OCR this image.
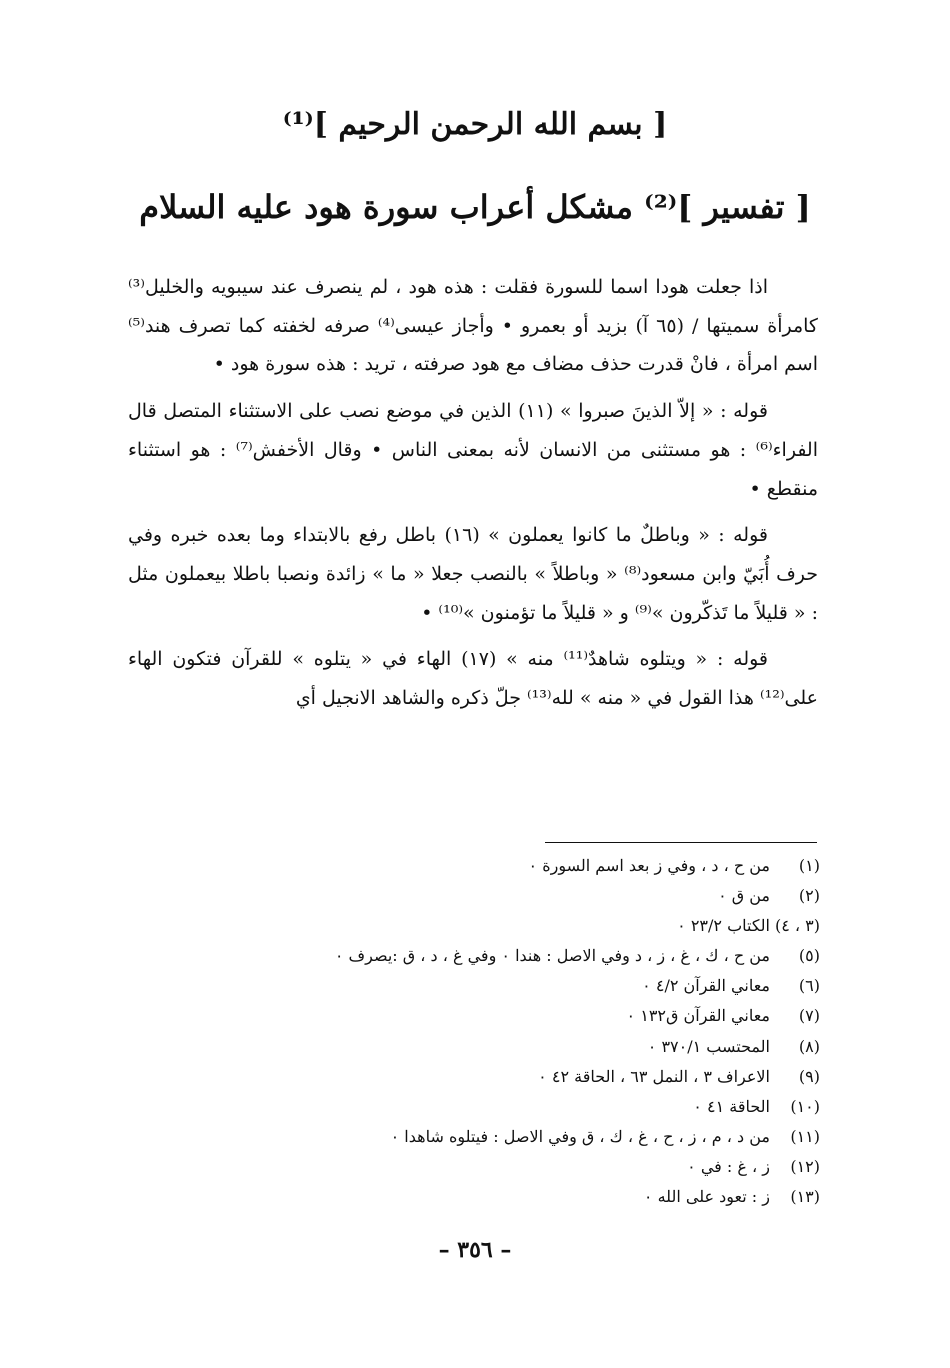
[ بسم الله الرحمن الرحيم ]⁽¹⁾
[ تفسير ]⁽²⁾ مشكل أعراب سورة هود عليه السلام

اذا جعلت هودا اسما للسورة فقلت : هذه هود ، لم ينصرف عند سيبويه والخليل⁽³⁾ كامرأة سميتها / (٦٥ آ) بزيد أو بعمرو • وأجاز عيسى⁽⁴⁾ صرفه لخفته كما تصرف هند⁽⁵⁾ اسم امرأة ، فانْ قدرت حذف مضاف مع هود صرفته ، تريد : هذه سورة هود •

قوله : « إلاّ الذينَ صبروا » (١١) الذين في موضع نصب على الاستثناء المتصل قال الفراء⁽⁶⁾ : هو مستثنى من الانسان لأنه بمعنى الناس • وقال الأخفش⁽⁷⁾ : هو استثناء منقطع •

قوله : « وباطلٌ ما كانوا يعملون » (١٦) باطل رفع بالابتداء وما بعده خبره وفي حرف أُبَيّ وابن مسعود⁽⁸⁾ « وباطلاً » بالنصب جعلا « ما » زائدة ونصبا باطلا بيعملون مثل : « قليلاً ما تَذكّرون »⁽⁹⁾ و « قليلاً ما تؤمنون »⁽¹⁰⁾ •

قوله : « ويتلوه شاهدٌ⁽¹¹⁾ منه » (١٧) الهاء في « يتلوه » للقرآن فتكون الهاء على⁽¹²⁾ هذا القول في « منه » لله⁽¹³⁾ جلّ ذكره والشاهد الانجيل أي

(١)
من ح ، د ، وفي ز بعد اسم السورة ٠
(٢)
من ق ٠
(٣ ، ٤)
الكتاب ٢٣/٢ ٠
(٥)
من ح ، ك ، غ ، ز ، د وفي الاصل : هندا ٠ وفي غ ، د ، ق :يصرف ٠
(٦)
معاني القرآن ٤/٢ ٠
(٧)
معاني القرآن ق١٣٢ ٠
(٨)
المحتسب ٣٧٠/١ ٠
(٩)
الاعراف ٣ ، النمل ٦٣ ، الحاقة ٤٢ ٠
(١٠)
الحاقة ٤١ ٠
(١١)
من د ، م ، ز ، ح ، غ ، ك ، ق وفي الاصل : فيتلوه شاهدا ٠
(١٢)
ز ، غ : في ٠
(١٣)
ز : تعود على الله ٠
– ٣٥٦ –
